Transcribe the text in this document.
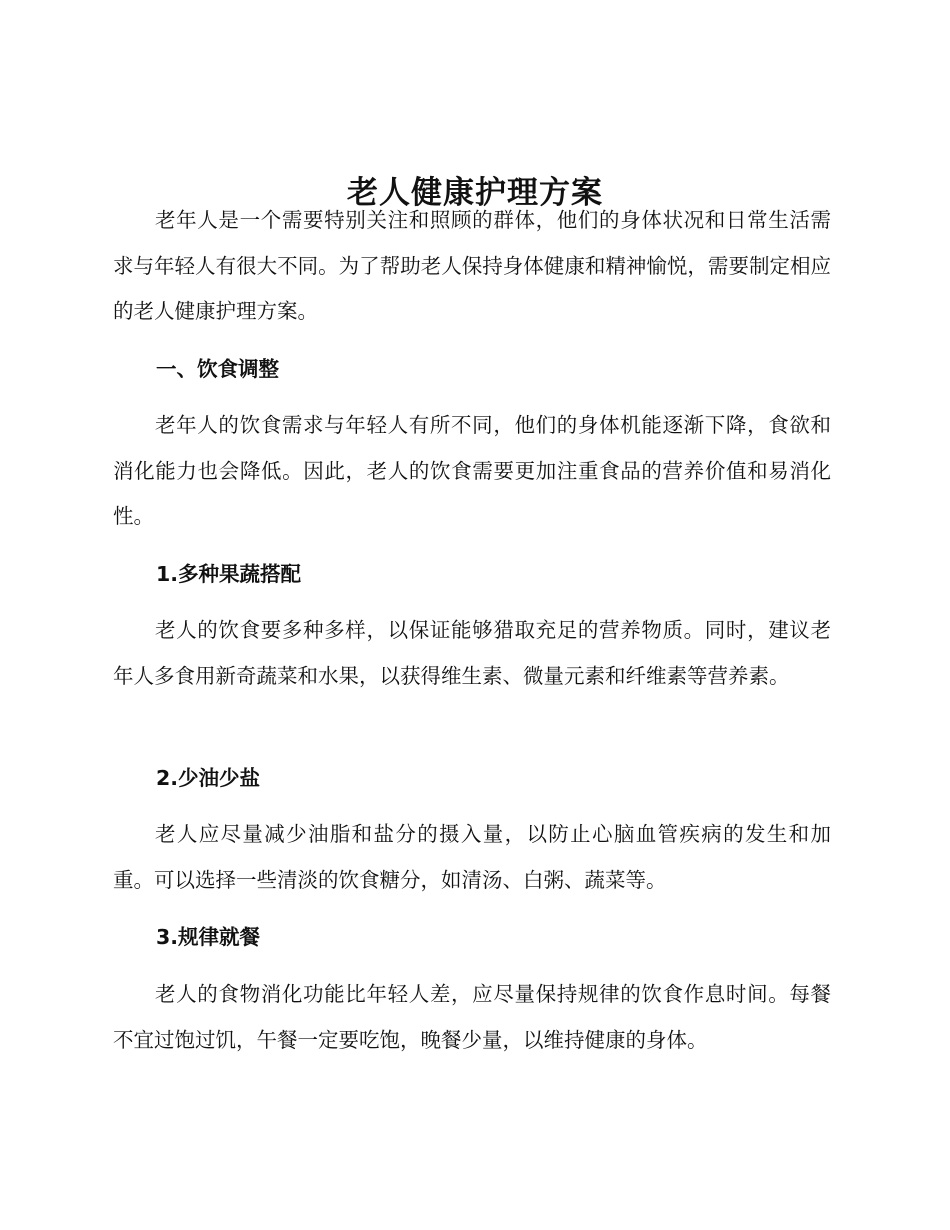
老人健康护理方案

老年人是一个需要特别关注和照顾的群体，他们的身体状况和日常生活需求与年轻人有很大不同。为了帮助老人保持身体健康和精神愉悦，需要制定相应的老人健康护理方案。

一、饮食调整

老年人的饮食需求与年轻人有所不同，他们的身体机能逐渐下降，食欲和消化能力也会降低。因此，老人的饮食需要更加注重食品的营养价值和易消化性。

1.多种果蔬搭配

老人的饮食要多种多样，以保证能够猎取充足的营养物质。同时，建议老年人多食用新奇蔬菜和水果，以获得维生素、微量元素和纤维素等营养素。

2.少油少盐

老人应尽量减少油脂和盐分的摄入量，以防止心脑血管疾病的发生和加重。可以选择一些清淡的饮食糖分，如清汤、白粥、蔬菜等。

3.规律就餐

老人的食物消化功能比年轻人差，应尽量保持规律的饮食作息时间。每餐不宜过饱过饥，午餐一定要吃饱，晚餐少量，以维持健康的身体。
